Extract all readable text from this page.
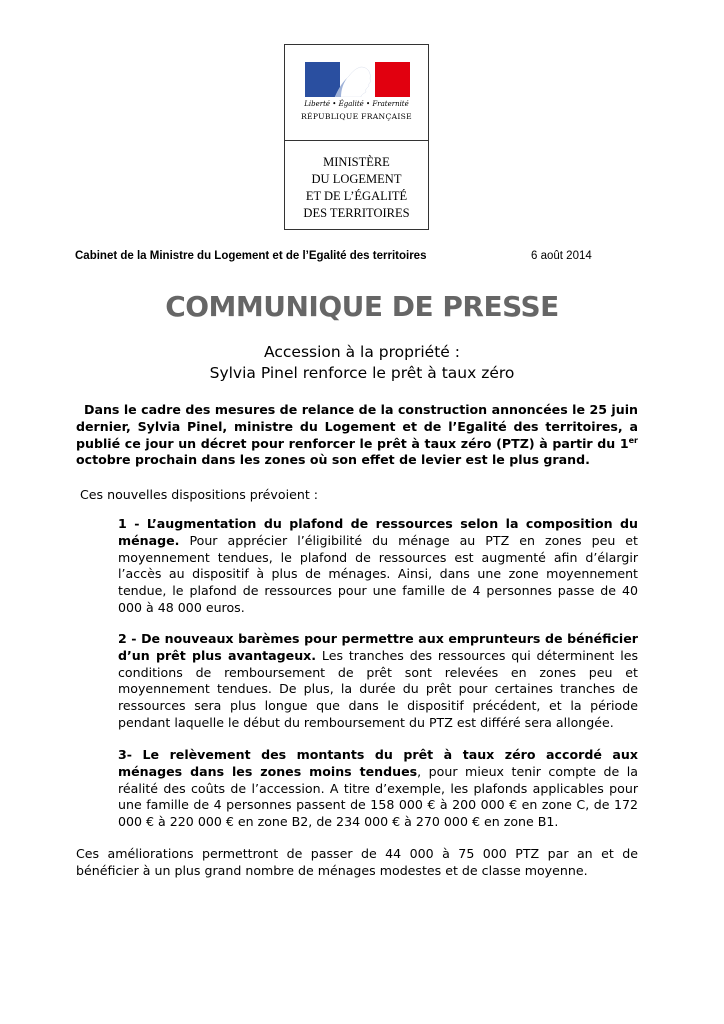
Liberté • Égalité • Fraternité
RÉPUBLIQUE FRANÇAISE
MINISTÈRE
DU LOGEMENT
ET DE L’ÉGALITÉ
DES TERRITOIRES
Cabinet de la Ministre du Logement et de l’Egalité des territoires	6 août 2014
COMMUNIQUE DE PRESSE
Accession à la propriété :
Sylvia Pinel renforce le prêt à taux zéro
Dans le cadre des mesures de relance de la construction annoncées le 25 juin dernier, Sylvia Pinel, ministre du Logement et de l’Egalité des territoires, a publié ce jour un décret pour renforcer le prêt à taux zéro (PTZ) à partir du 1er octobre prochain dans les zones où son effet de levier est le plus grand.
Ces nouvelles dispositions prévoient :
1 - L’augmentation du plafond de ressources selon la composition du ménage. Pour apprécier l’éligibilité du ménage au PTZ en zones peu et moyennement tendues, le plafond de ressources est augmenté afin d’élargir l’accès au dispositif à plus de ménages. Ainsi, dans une zone moyennement tendue, le plafond de ressources pour une famille de 4 personnes passe de 40 000 à 48 000 euros.
2 - De nouveaux barèmes pour permettre aux emprunteurs de bénéficier d’un prêt plus avantageux. Les tranches des ressources qui déterminent les conditions de remboursement de prêt sont relevées en zones peu et moyennement tendues. De plus, la durée du prêt pour certaines tranches de ressources sera plus longue que dans le dispositif précédent, et la période pendant laquelle le début du remboursement du PTZ est différé sera allongée.
3- Le relèvement des montants du prêt à taux zéro accordé aux ménages dans les zones moins tendues, pour mieux tenir compte de la réalité des coûts de l’accession. A titre d’exemple, les plafonds applicables pour une famille de 4 personnes passent de 158 000 € à 200 000 € en zone C, de 172 000 € à 220 000 € en zone B2, de 234 000 € à 270 000 € en zone B1.
Ces améliorations permettront de passer de 44 000 à 75 000 PTZ par an et de bénéficier à un plus grand nombre de ménages modestes et de classe moyenne.
